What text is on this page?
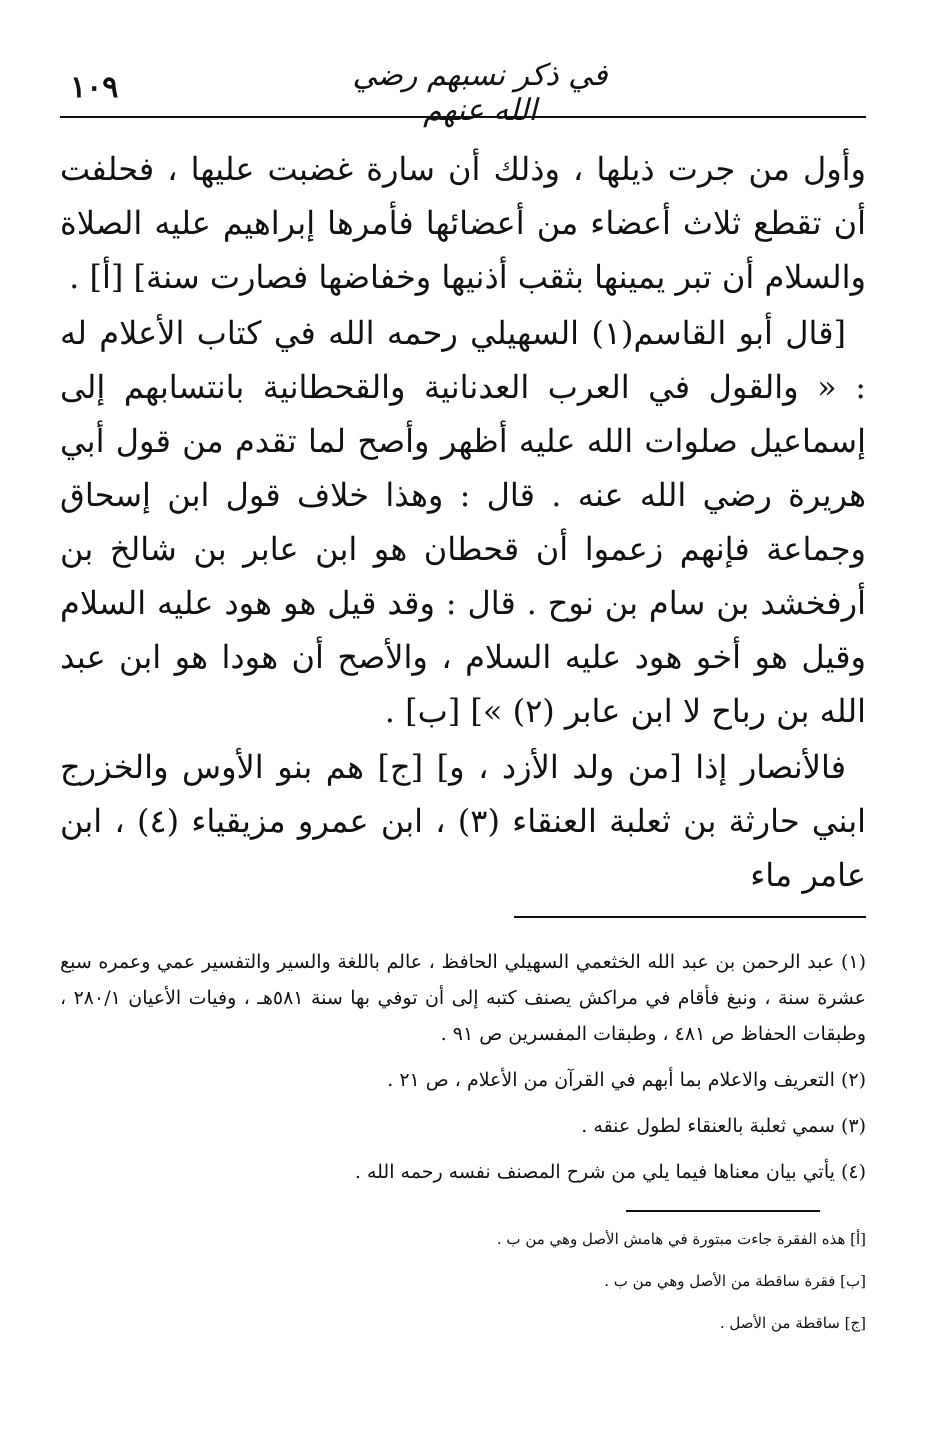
١٠٩	في ذكر نسبهم رضي الله عنهم

وأول من جرت ذيلها ، وذلك أن سارة غضبت عليها ، فحلفت أن تقطع ثلاث أعضاء من أعضائها فأمرها إبراهيم عليه الصلاة والسلام أن تبر يمينها بثقب أذنيها وخفاضها فصارت سنة] [أ] .

[قال أبو القاسم(١) السهيلي رحمه الله في كتاب الأعلام له : « والقول في العرب العدنانية والقحطانية بانتسابهم إلى إسماعيل صلوات الله عليه أظهر وأصح لما تقدم من قول أبي هريرة رضي الله عنه . قال : وهذا خلاف قول ابن إسحاق وجماعة فإنهم زعموا أن قحطان هو ابن عابر بن شالخ بن أرفخشد بن سام بن نوح . قال : وقد قيل هو هود عليه السلام وقيل هو أخو هود عليه السلام ، والأصح أن هودا هو ابن عبد الله بن رباح لا ابن عابر (٢) »] [ب] .

فالأنصار إذا [من ولد الأزد ، و] [ج] هم بنو الأوس والخزرج ابني حارثة بن ثعلبة العنقاء (٣) ، ابن عمرو مزيقياء (٤) ، ابن عامر ماء

(١) عبد الرحمن بن عبد الله الخثعمي السهيلي الحافظ ، عالم باللغة والسير والتفسير عمي وعمره سبع عشرة سنة ، ونبغ فأقام في مراكش يصنف كتبه إلى أن توفي بها سنة ٥٨١هـ ، وفيات الأعيان ٢٨٠/١ ، وطبقات الحفاظ ص ٤٨١ ، وطبقات المفسرين ص ٩١ .
(٢) التعريف والاعلام بما أبهم في القرآن من الأعلام ، ص ٢١ .
(٣) سمي ثعلبة بالعنقاء لطول عنقه .
(٤) يأتي بيان معناها فيما يلي من شرح المصنف نفسه رحمه الله .
[أ] هذه الفقرة جاءت مبتورة في هامش الأصل وهي من ب .
[ب] فقرة ساقطة من الأصل وهي من ب .
[ج] ساقطة من الأصل .
